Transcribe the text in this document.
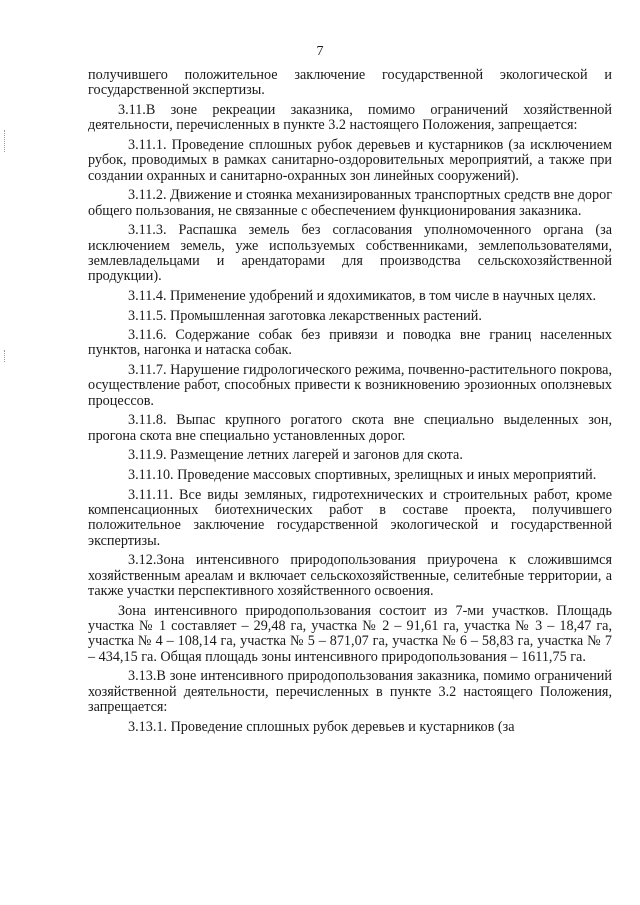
7

получившего положительное заключение государственной экологической и государственной экспертизы.

3.11.В зоне рекреации заказника, помимо ограничений хозяйственной деятельности, перечисленных в пункте 3.2 настоящего Положения, запрещается:

3.11.1. Проведение сплошных рубок деревьев и кустарников (за исключением рубок, проводимых в рамках санитарно-оздоровительных мероприятий, а также при создании охранных и санитарно-охранных зон линейных сооружений).

3.11.2. Движение и стоянка механизированных транспортных средств вне дорог общего пользования, не связанные с обеспечением функционирования заказника.

3.11.3. Распашка земель без согласования уполномоченного органа (за исключением земель, уже используемых собственниками, землепользователями, землевладельцами и арендаторами для производства сельскохозяйственной продукции).

3.11.4. Применение удобрений и ядохимикатов, в том числе в научных целях.

3.11.5. Промышленная заготовка лекарственных растений.

3.11.6. Содержание собак без привязи и поводка вне границ населенных пунктов, нагонка и натаска собак.

3.11.7. Нарушение гидрологического режима, почвенно-растительного покрова, осуществление работ, способных привести к возникновению эрозионных оползневых процессов.

3.11.8. Выпас крупного рогатого скота вне специально выделенных зон, прогона скота вне специально установленных дорог.

3.11.9. Размещение летних лагерей и загонов для скота.

3.11.10. Проведение массовых спортивных, зрелищных и иных мероприятий.

3.11.11. Все виды земляных, гидротехнических и строительных работ, кроме компенсационных биотехнических работ в составе проекта, получившего положительное заключение государственной экологической и государственной экспертизы.

3.12.Зона интенсивного природопользования приурочена к сложившимся хозяйственным ареалам и включает сельскохозяйственные, селитебные территории, а также участки перспективного хозяйственного освоения.

Зона интенсивного природопользования состоит из 7-ми участков. Площадь участка № 1 составляет – 29,48 га, участка № 2 – 91,61 га, участка № 3 – 18,47 га, участка № 4 – 108,14 га, участка № 5 – 871,07 га, участка № 6 – 58,83 га, участка № 7 – 434,15 га. Общая площадь зоны интенсивного природопользования – 1611,75 га.

3.13.В зоне интенсивного природопользования заказника, помимо ограничений хозяйственной деятельности, перечисленных в пункте 3.2 настоящего Положения, запрещается:

3.13.1. Проведение сплошных рубок деревьев и кустарников (за
